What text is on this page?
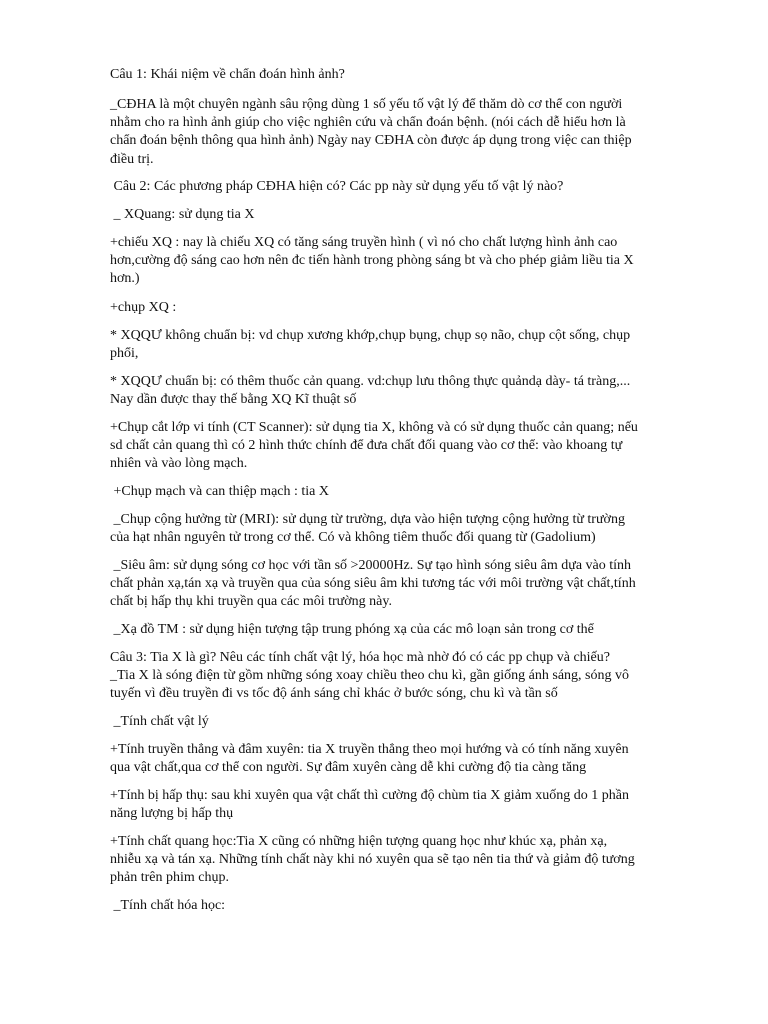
Câu 1: Khái niệm về chẩn đoán hình ảnh?
_CĐHA là một chuyên ngành sâu rộng dùng 1 số yếu tố vật lý để thăm dò cơ thể con người
nhằm cho ra hình ảnh giúp cho việc nghiên cứu và chẩn đoán bệnh. (nói cách dễ hiểu hơn là
chẩn đoán bệnh thông qua hình ảnh) Ngày nay CĐHA còn được áp dụng trong việc can thiệp
điều trị.
Câu 2: Các phương pháp CĐHA hiện có? Các pp này sử dụng yếu tố vật lý nào?
_ XQuang: sử dụng tia X
+chiếu XQ : nay là chiếu XQ có tăng sáng truyền hình ( vì nó cho chất lượng hình ảnh cao
hơn,cường độ sáng cao hơn nên đc tiến hành trong phòng sáng bt và cho phép giảm liều tia X
hơn.)
+chụp XQ :
* XQQƯ không chuẩn bị: vd chụp xương khớp,chụp bụng, chụp sọ não, chụp cột sống, chụp
phổi,
* XQQƯ chuẩn bị: có thêm thuốc cản quang. vd:chụp lưu thông thực quảndạ dày- tá tràng,...
Nay dần được thay thế bằng XQ Kĩ thuật số
+Chụp cắt lớp vi tính (CT Scanner): sử dụng tia X, không và có sử dụng thuốc cản quang; nếu
sd chất cản quang thì có 2 hình thức chính để đưa chất đối quang vào cơ thể: vào khoang tự
nhiên và vào lòng mạch.
+Chụp mạch và can thiệp mạch : tia X
_Chụp cộng hưởng từ (MRI): sử dụng từ trường, dựa vào hiện tượng cộng hưởng từ trường
của hạt nhân nguyên tử trong cơ thể. Có và không tiêm thuốc đối quang từ (Gadolium)
_Siêu âm: sử dụng sóng cơ học với tần số >20000Hz. Sự tạo hình sóng siêu âm dựa vào tính
chất phản xạ,tán xạ và truyền qua của sóng siêu âm khi tương tác với môi trường vật chất,tính
chất bị hấp thụ khi truyền qua các môi trường này.
_Xạ đồ TM : sử dụng hiện tượng tập trung phóng xạ của các mô loạn sản trong cơ thể
Câu 3: Tia X là gì? Nêu các tính chất vật lý, hóa học mà nhờ đó có các pp chụp và chiếu?
_Tia X là sóng điện từ gồm những sóng xoay chiều theo chu kì, gần giống ánh sáng, sóng vô
tuyến vì đều truyền đi vs tốc độ ánh sáng chỉ khác ở bước sóng, chu kì và tần số
_Tính chất vật lý
+Tính truyền thẳng và đâm xuyên: tia X truyền thẳng theo mọi hướng và có tính năng xuyên
qua vật chất,qua cơ thể con người. Sự đâm xuyên càng dễ khi cường độ tia càng tăng
+Tính bị hấp thụ: sau khi xuyên qua vật chất thì cường độ chùm tia X giảm xuống do 1 phần
năng lượng bị hấp thụ
+Tính chất quang học:Tia X cũng có những hiện tượng quang học như khúc xạ, phản xạ,
nhiễu xạ và tán xạ. Những tính chất này khi nó xuyên qua sẽ tạo nên tia thứ và giảm độ tương
phản trên phim chụp.
_Tính chất hóa học:
